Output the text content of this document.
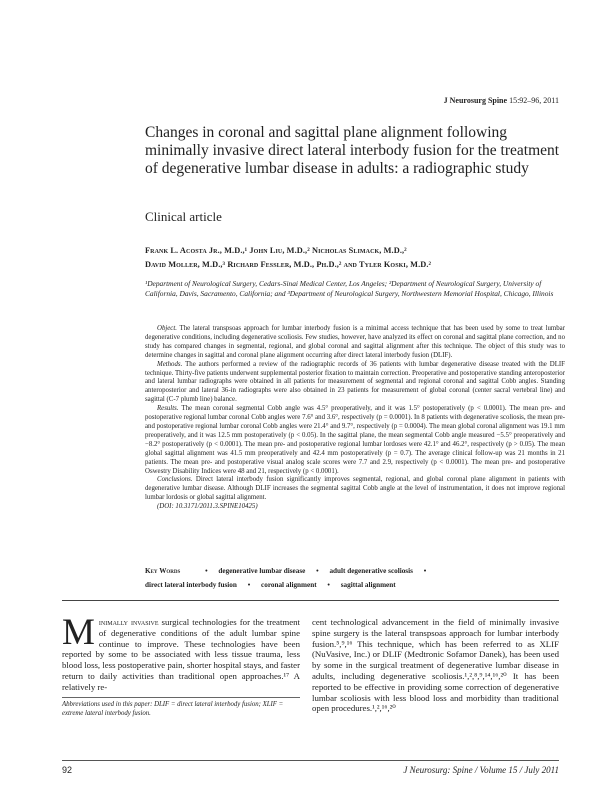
J Neurosurg Spine 15:92–96, 2011
Changes in coronal and sagittal plane alignment following minimally invasive direct lateral interbody fusion for the treatment of degenerative lumbar disease in adults: a radiographic study
Clinical article
Frank L. Acosta Jr., M.D.,¹ John Liu, M.D.,² Nicholas Slimack, M.D.,²
David Moller, M.D.,³ Richard Fessler, M.D., Ph.D.,² and Tyler Koski, M.D.²
¹Department of Neurological Surgery, Cedars-Sinai Medical Center, Los Angeles; ²Department of Neurological Surgery, University of California, Davis, Sacramento, California; and ³Department of Neurological Surgery, Northwestern Memorial Hospital, Chicago, Illinois

Object. The lateral transpsoas approach for lumbar interbody fusion is a minimal access technique that has been used by some to treat lumbar degenerative conditions, including degenerative scoliosis. Few studies, however, have analyzed its effect on coronal and sagittal plane correction, and no study has compared changes in segmental, regional, and global coronal and sagittal alignment after this technique. The object of this study was to determine changes in sagittal and coronal plane alignment occurring after direct lateral interbody fusion (DLIF).

Methods. The authors performed a review of the radiographic records of 36 patients with lumbar degenerative disease treated with the DLIF technique. Thirty-five patients underwent supplemental posterior fixation to maintain correction. Preoperative and postoperative standing anteroposterior and lateral lumbar radiographs were obtained in all patients for measurement of segmental and regional coronal and sagittal Cobb angles. Standing anteroposterior and lateral 36-in radiographs were also obtained in 23 patients for measurement of global coronal (center sacral vertebral line) and sagittal (C-7 plumb line) balance.

Results. The mean coronal segmental Cobb angle was 4.5° preoperatively, and it was 1.5° postoperatively (p < 0.0001). The mean pre- and postoperative regional lumbar coronal Cobb angles were 7.6° and 3.6°, respectively (p = 0.0001). In 8 patients with degenerative scoliosis, the mean pre- and postoperative regional lumbar coronal Cobb angles were 21.4° and 9.7°, respectively (p = 0.0004). The mean global coronal alignment was 19.1 mm preoperatively, and it was 12.5 mm postoperatively (p < 0.05). In the sagittal plane, the mean segmental Cobb angle measured −5.5° preoperatively and −8.2° postoperatively (p < 0.0001). The mean pre- and postoperative regional lumbar lordoses were 42.1° and 46.2°, respectively (p > 0.05). The mean global sagittal alignment was 41.5 mm preoperatively and 42.4 mm postoperatively (p = 0.7). The average clinical follow-up was 21 months in 21 patients. The mean pre- and postoperative visual analog scale scores were 7.7 and 2.9, respectively (p < 0.0001). The mean pre- and postoperative Oswestry Disability Indices were 48 and 21, respectively (p < 0.0001).

Conclusions. Direct lateral interbody fusion significantly improves segmental, regional, and global coronal plane alignment in patients with degenerative lumbar disease. Although DLIF increases the segmental sagittal Cobb angle at the level of instrumentation, it does not improve regional lumbar lordosis or global sagittal alignment.

(DOI: 10.3171/2011.3.SPINE10425)

Key Words	• degenerative lumbar disease • adult degenerative scoliosis •
direct lateral interbody fusion • coronal alignment • sagittal alignment
Minimally invasive surgical technologies for the treatment of degenerative conditions of the adult lumbar spine continue to improve. These technologies have been reported by some to be associated with less tissue trauma, less blood loss, less postoperative pain, shorter hospital stays, and faster return to daily activities than traditional open approaches.¹⁷ A relatively re-
cent technological advancement in the field of minimally invasive spine surgery is the lateral transpsoas approach for lumbar interbody fusion.⁵,⁹,¹⁶ This technique, which has been referred to as XLIF (NuVasive, Inc.) or DLIF (Medtronic Sofamor Danek), has been used by some in the surgical treatment of degenerative lumbar disease in adults, including degenerative scoliosis.¹,²,⁸,⁹,¹⁴,¹⁶,²⁰ It has been reported to be effective in providing some correction of degenerative lumbar scoliosis with less blood loss and morbidity than traditional open procedures.¹,²,¹⁶,²⁰
Abbreviations used in this paper: DLIF = direct lateral interbody fusion; XLIF = extreme lateral interbody fusion.
92	J Neurosurg: Spine / Volume 15 / July 2011
